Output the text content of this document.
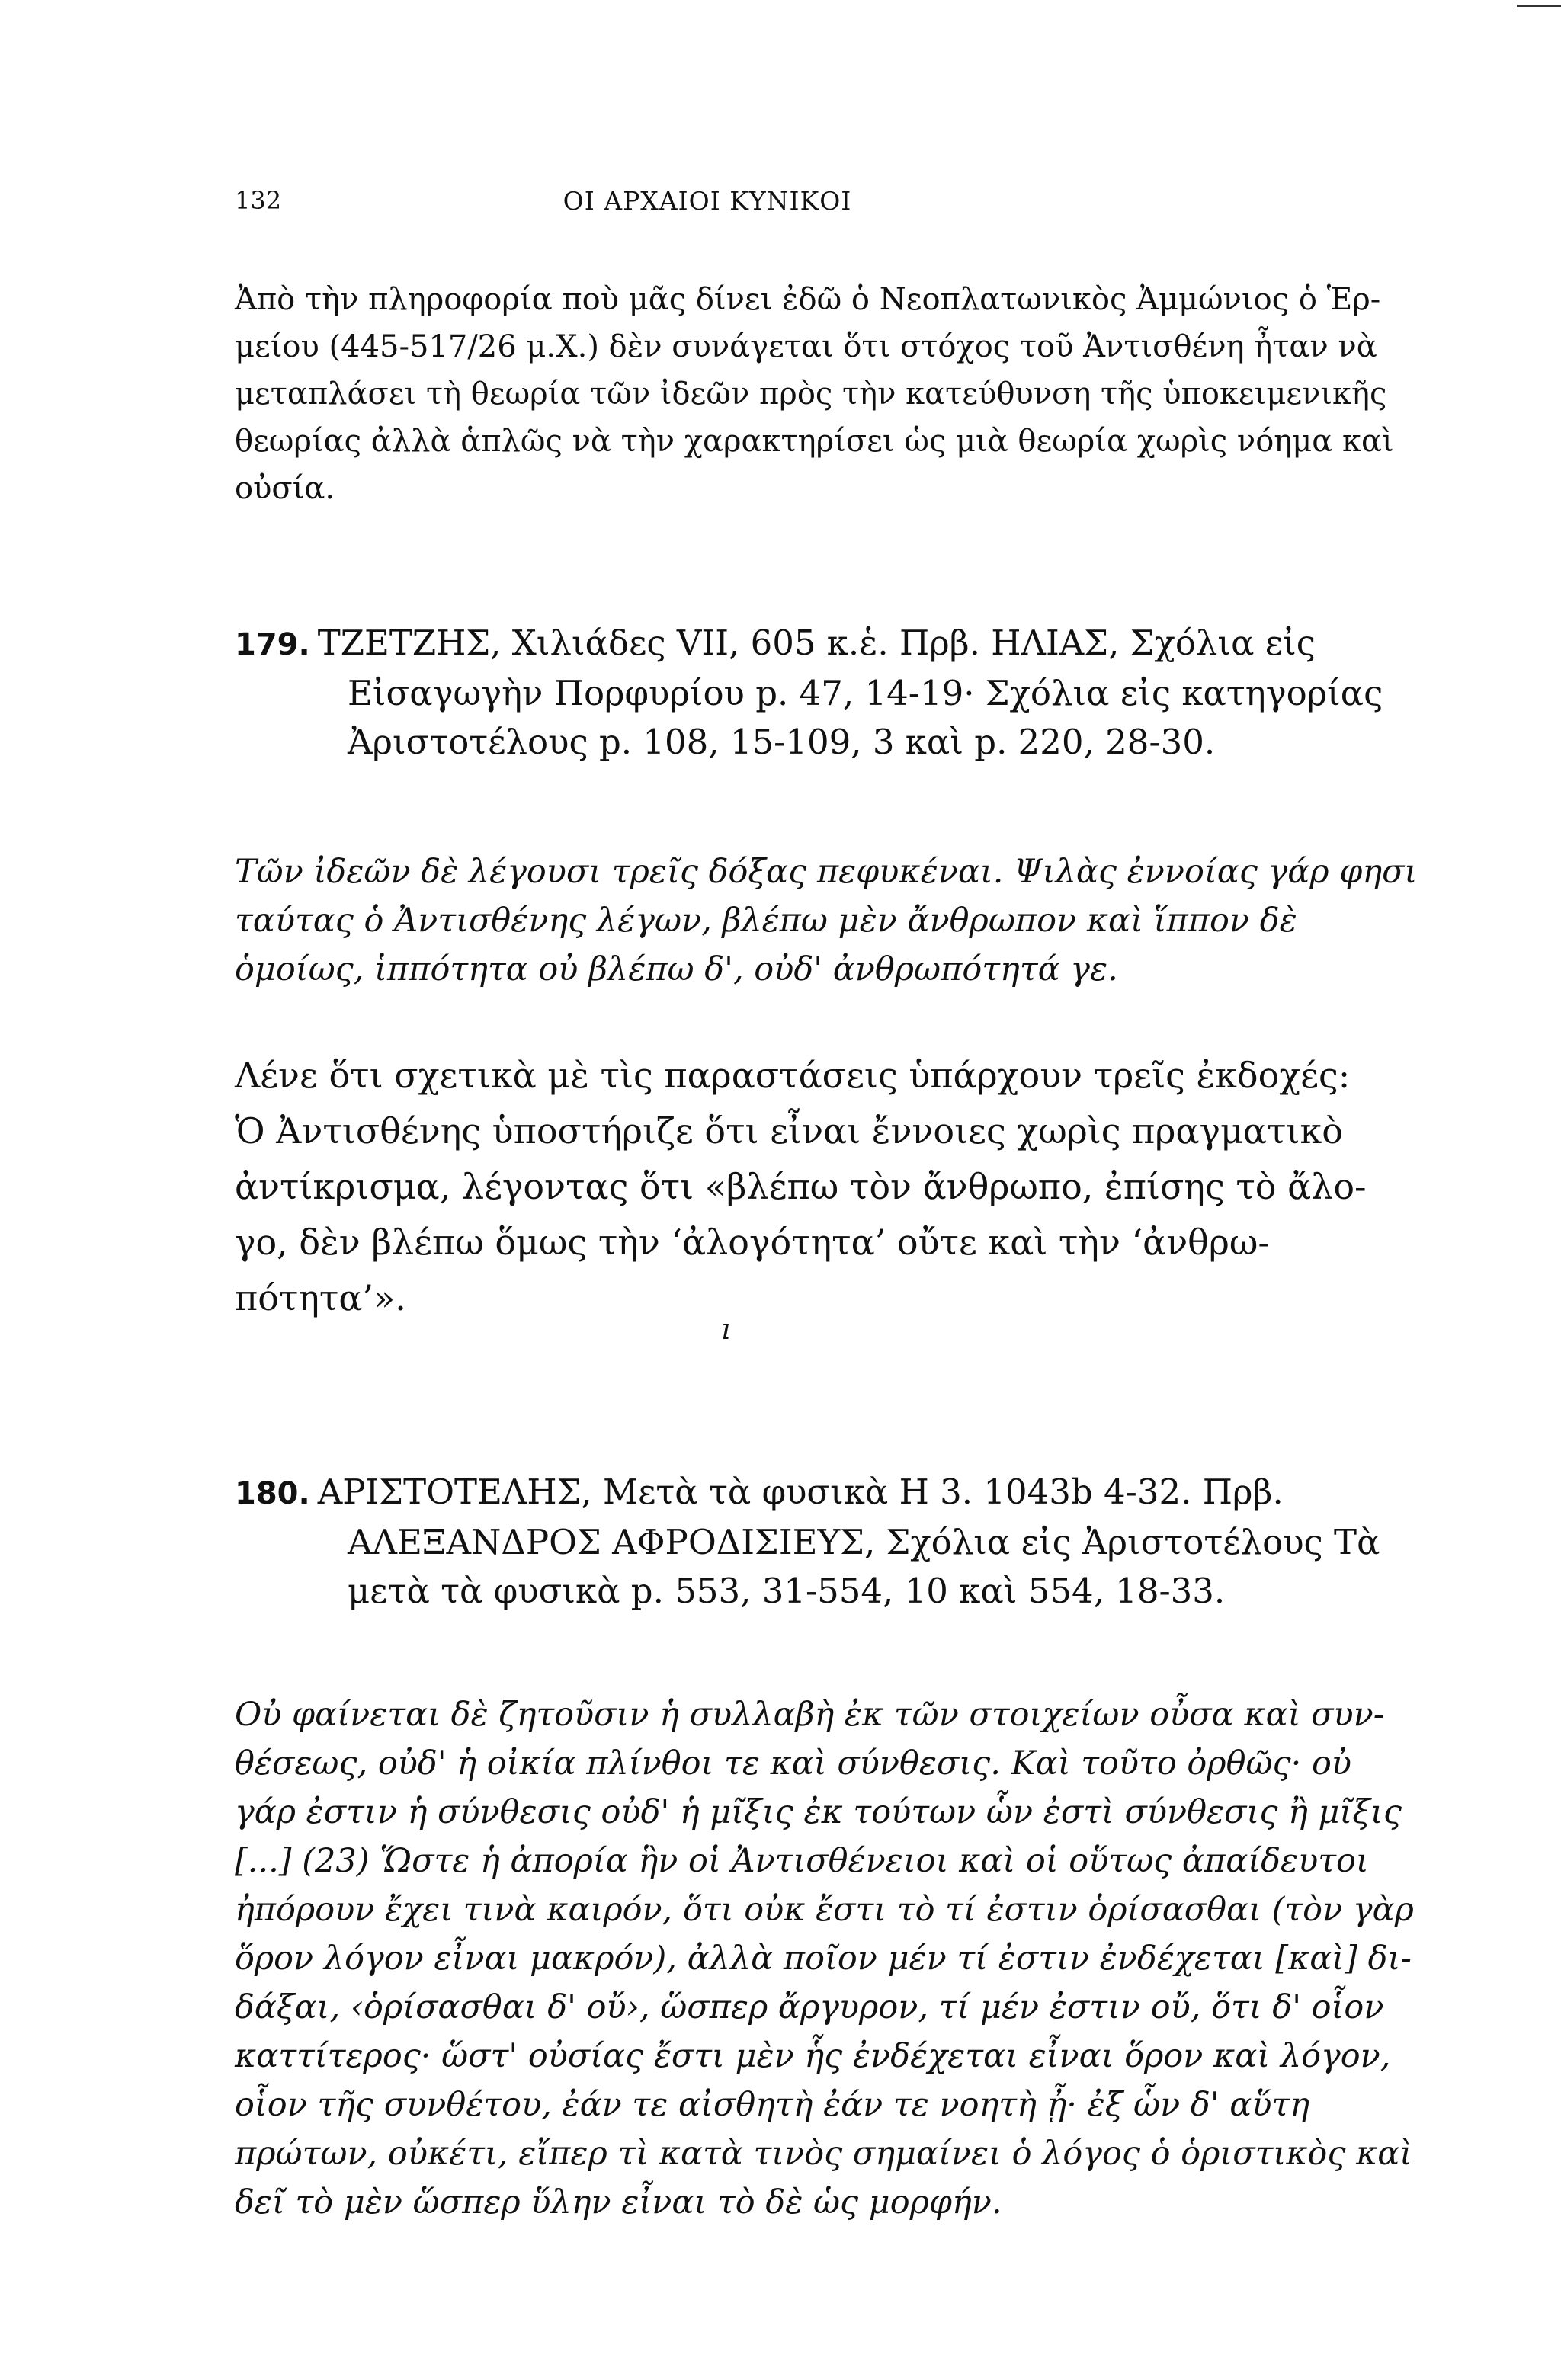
132	ΟΙ ΑΡΧΑΙΟΙ ΚΥΝΙΚΟΙ
Ἀπὸ τὴν πληροφορία ποὺ μᾶς δίνει ἐδῶ ὁ Νεοπλατωνικὸς Ἀμμώνιος ὁ Ἑρ-
μείου (445-517/26 μ.Χ.) δὲν συνάγεται ὅτι στόχος τοῦ Ἀντισθένη ἦταν νὰ
μεταπλάσει τὴ θεωρία τῶν ἰδεῶν πρὸς τὴν κατεύθυνση τῆς ὑποκειμενικῆς
θεωρίας ἀλλὰ ἁπλῶς νὰ τὴν χαρακτηρίσει ὡς μιὰ θεωρία χωρὶς νόημα καὶ
οὐσία.
179. ΤΖΕΤΖΗΣ, Χιλιάδες VII, 605 κ.ἑ. Πρβ. ΗΛΙΑΣ, Σχόλια εἰς
Εἰσαγωγὴν Πορφυρίου p. 47, 14-19· Σχόλια εἰς κατηγορίας
Ἀριστοτέλους p. 108, 15-109, 3 καὶ p. 220, 28-30.
Τῶν ἰδεῶν δὲ λέγουσι τρεῖς δόξας πεφυκέναι. Ψιλὰς ἐννοίας γάρ φησι
ταύτας ὁ Ἀντισθένης λέγων, βλέπω μὲν ἄνθρωπον καὶ ἵππον δὲ
ὁμοίως, ἱππότητα οὐ βλέπω δ', οὐδ' ἀνθρωπότητά γε.
Λένε ὅτι σχετικὰ μὲ τὶς παραστάσεις ὑπάρχουν τρεῖς ἐκδοχές:
Ὁ Ἀντισθένης ὑποστήριζε ὅτι εἶναι ἔννοιες χωρὶς πραγματικὸ
ἀντίκρισμα, λέγοντας ὅτι «βλέπω τὸν ἄνθρωπο, ἐπίσης τὸ ἄλο-
γο, δὲν βλέπω ὅμως τὴν ‘ἀλογότητα’ οὔτε καὶ τὴν ‘ἀνθρω-
πότητα’».
ı
180. ΑΡΙΣΤΟΤΕΛΗΣ, Μετὰ τὰ φυσικὰ Η 3. 1043b 4-32. Πρβ.
ΑΛΕΞΑΝΔΡΟΣ ΑΦΡΟΔΙΣΙΕΥΣ, Σχόλια εἰς Ἀριστοτέλους Τὰ
μετὰ τὰ φυσικὰ p. 553, 31-554, 10 καὶ 554, 18-33.
Οὐ φαίνεται δὲ ζητοῦσιν ἡ συλλαβὴ ἐκ τῶν στοιχείων οὖσα καὶ συν-
θέσεως, οὐδ' ἡ οἰκία πλίνθοι τε καὶ σύνθεσις. Καὶ τοῦτο ὀρθῶς· οὐ
γάρ ἐστιν ἡ σύνθεσις οὐδ' ἡ μῖξις ἐκ τούτων ὧν ἐστὶ σύνθεσις ἢ μῖξις
[...] (23) Ὥστε ἡ ἀπορία ἣν οἱ Ἀντισθένειοι καὶ οἱ οὕτως ἀπαίδευτοι
ἠπόρουν ἔχει τινὰ καιρόν, ὅτι οὐκ ἔστι τὸ τί ἐστιν ὁρίσασθαι (τὸν γὰρ
ὅρον λόγον εἶναι μακρόν), ἀλλὰ ποῖον μέν τί ἐστιν ἐνδέχεται [καὶ] δι-
δάξαι, ‹ὁρίσασθαι δ' οὔ›, ὥσπερ ἄργυρον, τί μέν ἐστιν οὔ, ὅτι δ' οἷον
καττίτερος· ὥστ' οὐσίας ἔστι μὲν ἧς ἐνδέχεται εἶναι ὅρον καὶ λόγον,
οἷον τῆς συνθέτου, ἐάν τε αἰσθητὴ ἐάν τε νοητὴ ᾖ· ἐξ ὧν δ' αὕτη
πρώτων, οὐκέτι, εἴπερ τὶ κατὰ τινὸς σημαίνει ὁ λόγος ὁ ὁριστικὸς καὶ
δεῖ τὸ μὲν ὥσπερ ὕλην εἶναι τὸ δὲ ὡς μορφήν.
